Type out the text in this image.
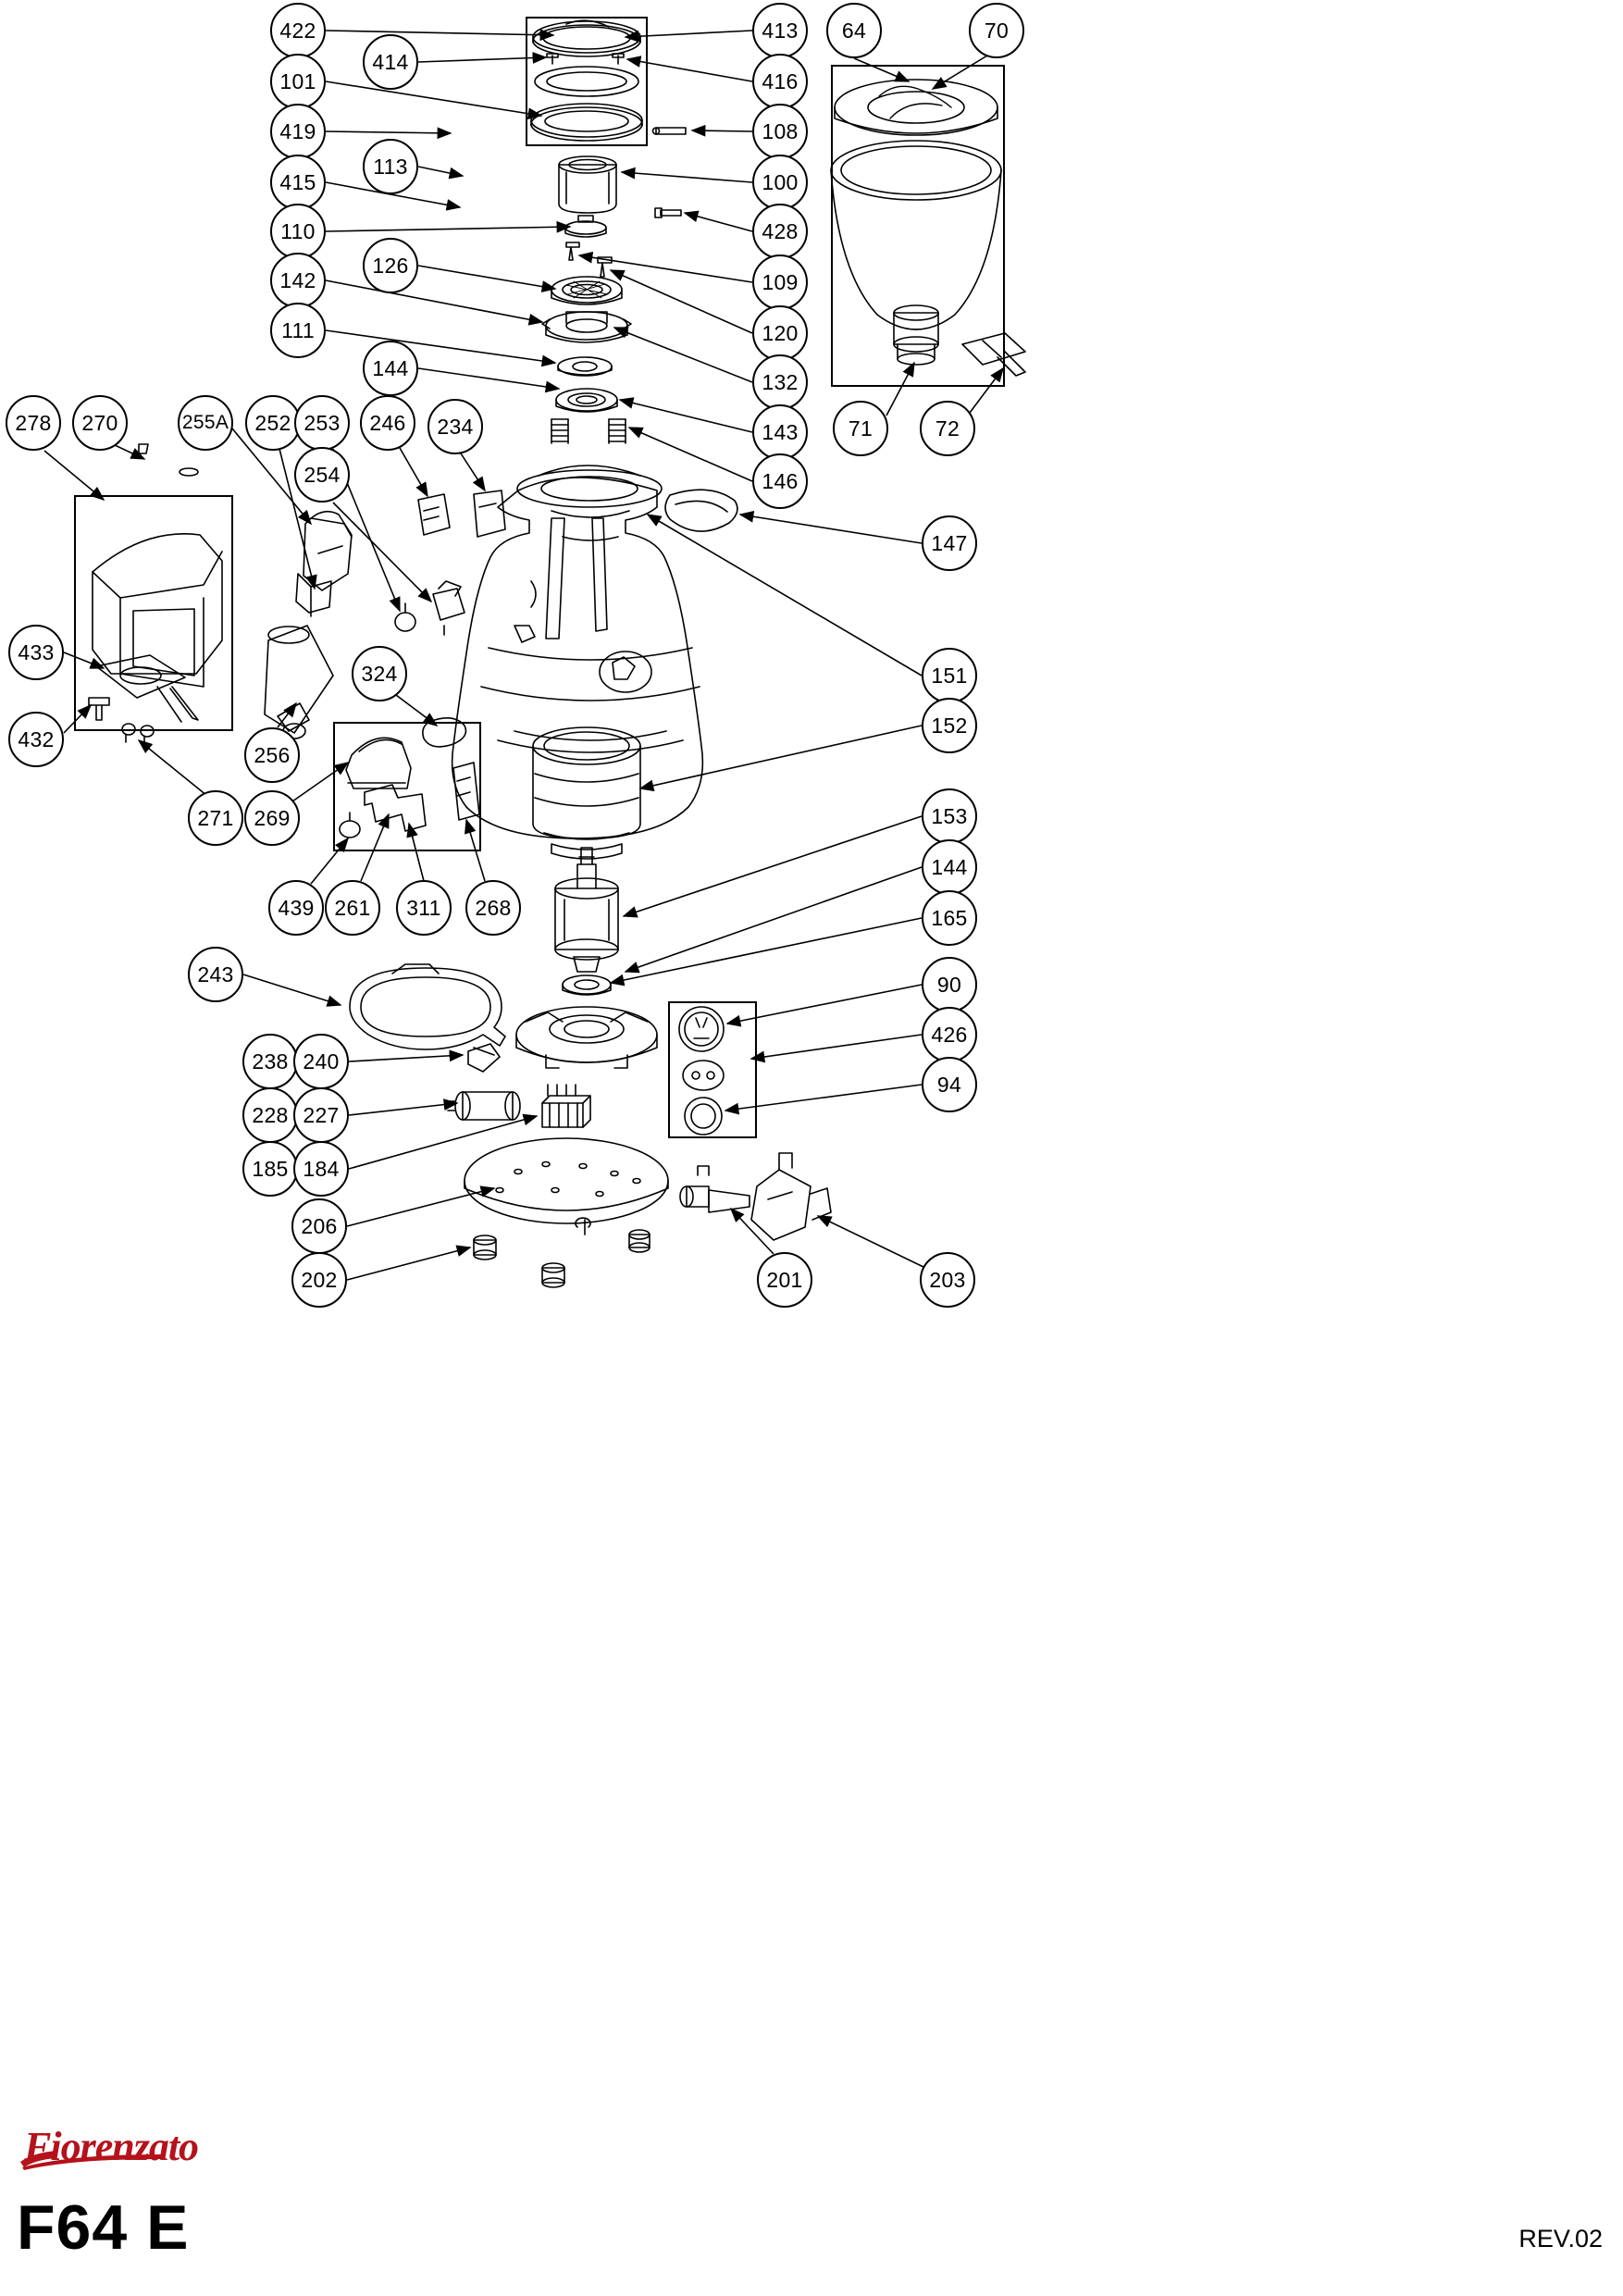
422
101
414
413
416
419
113
108
415	100
110	428
126
142	109
111	120
144
132
143
146
64	70
71	72
147
278	270	255A	252 253	246	234
254
433
432
271
256
269
324
439 261	311	268
151
152
153
144
165
90
426
94
243
238 240
228 227
185 184
206
202	201	203
Fiorenzato
F64 E	REV.02
